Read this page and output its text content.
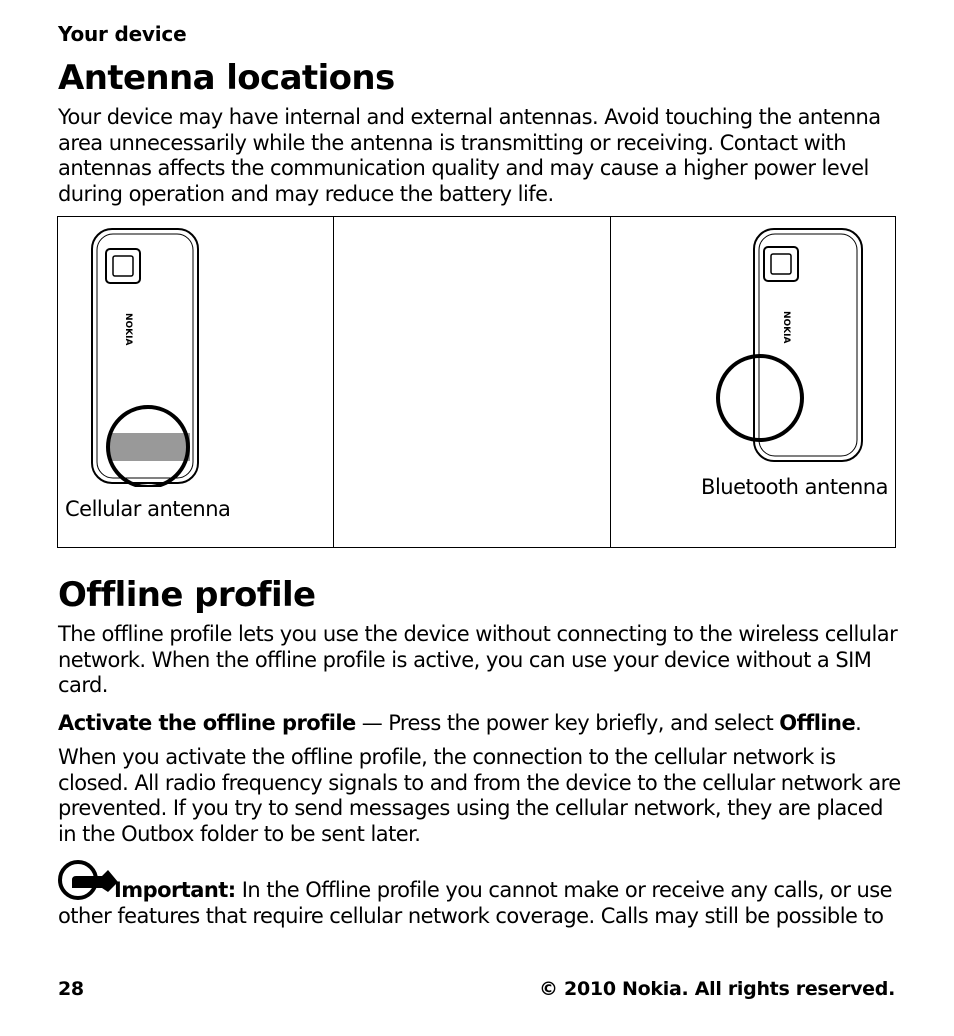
Your device
Antenna locations

Your device may have internal and external antennas. Avoid touching the antenna area unnecessarily while the antenna is transmitting or receiving. Contact with antennas affects the communication quality and may cause a higher power level during operation and may reduce the battery life.

NOKIA
Cellular antenna
NOKIA
Bluetooth antenna
Offline profile

The offline profile lets you use the device without connecting to the wireless cellular network. When the offline profile is active, you can use your device without a SIM card.

Activate the offline profile — Press the power key briefly, and select Offline.

When you activate the offline profile, the connection to the cellular network is closed. All radio frequency signals to and from the device to the cellular network are prevented. If you try to send messages using the cellular network, they are placed in the Outbox folder to be sent later.

Important: In the Offline profile you cannot make or receive any calls, or use other features that require cellular network coverage. Calls may still be possible to

28	© 2010 Nokia. All rights reserved.
